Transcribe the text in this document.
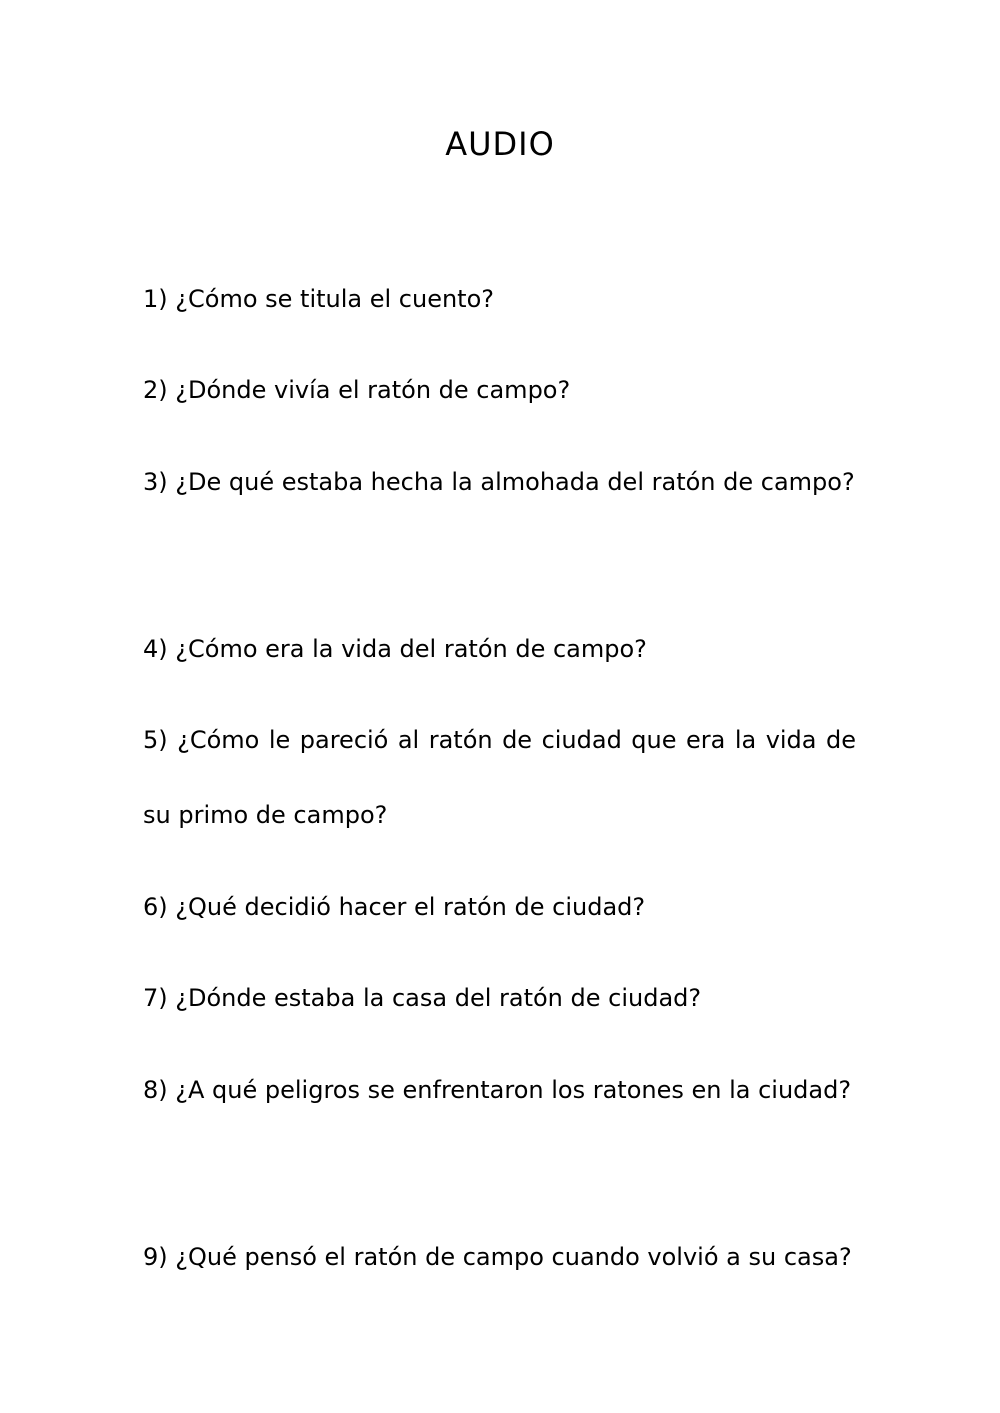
AUDIO
1) ¿Cómo se titula el cuento?
2) ¿Dónde vivía el ratón de campo?
3) ¿De qué estaba hecha la almohada del ratón de campo?
4) ¿Cómo era la vida del ratón de campo?
5) ¿Cómo le pareció al ratón de ciudad que era la vida de su primo de campo?
6) ¿Qué decidió hacer el ratón de ciudad?
7) ¿Dónde estaba la casa del ratón de ciudad?
8) ¿A qué peligros se enfrentaron los ratones en la ciudad?
9) ¿Qué pensó el ratón de campo cuando volvió a su casa?
